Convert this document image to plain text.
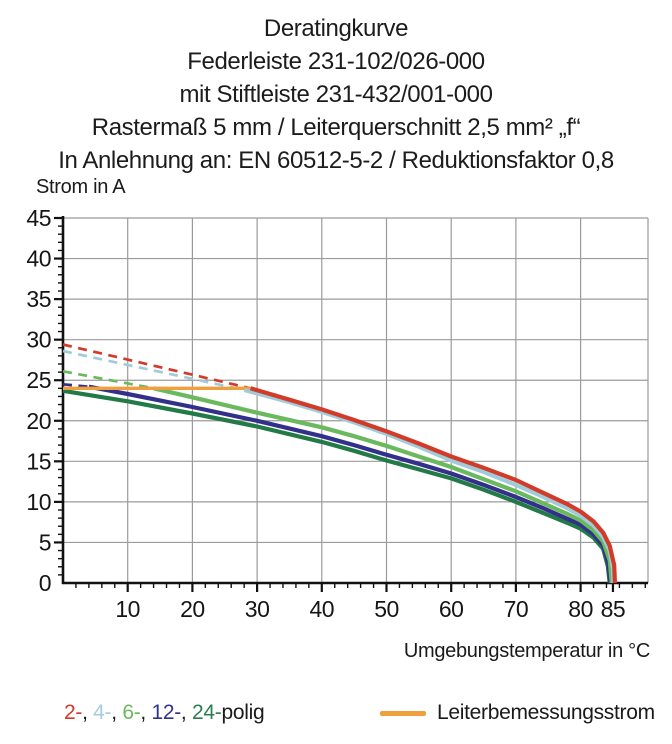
0
5
10
15
20
25
30
35
40
45
10 20 30 40 50 60 70 80 85
Deratingkurve
Federleiste 231-102/026-000
mit Stiftleiste 231-432/001-000
Rastermaß 5 mm / Leiterquerschnitt 2,5 mm² „f“
In Anlehnung an: EN 60512-5-2 / Reduktionsfaktor 0,8
Strom in A
Umgebungstemperatur in °C
2-, 4-, 6-, 12-, 24-polig	Leiterbemessungsstrom
